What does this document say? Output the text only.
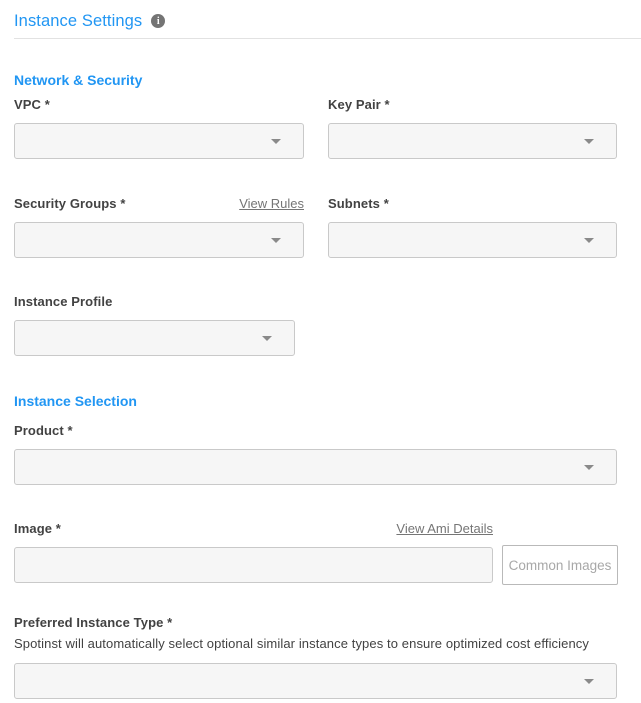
Instance Settings	i
Network & Security
VPC *	Key Pair *
Security Groups *	View Rules Subnets *
Instance Profile
Instance Selection
Product *
Image *	View Ami Details
Common Images
Preferred Instance Type *
Spotinst will automatically select optional similar instance types to ensure optimized cost efficiency
